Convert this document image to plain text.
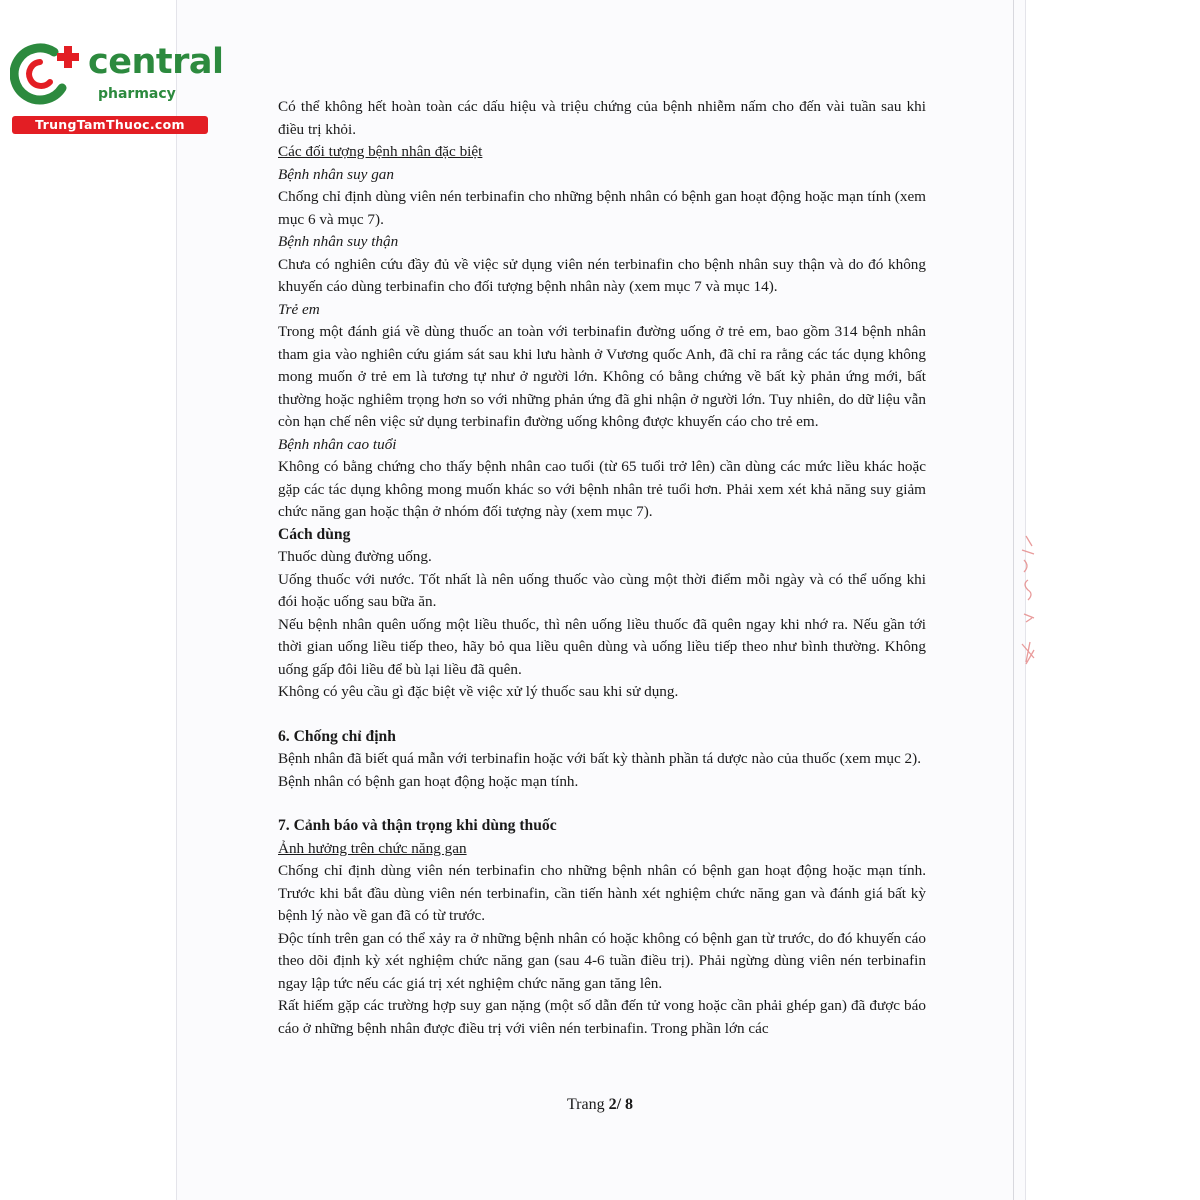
central
pharmacy
TrungTamThuoc.com

Có thể không hết hoàn toàn các dấu hiệu và triệu chứng của bệnh nhiễm nấm cho đến vài tuần sau khi điều trị khỏi.

Các đối tượng bệnh nhân đặc biệt

Bệnh nhân suy gan

Chống chỉ định dùng viên nén terbinafin cho những bệnh nhân có bệnh gan hoạt động hoặc mạn tính (xem mục 6 và mục 7).

Bệnh nhân suy thận

Chưa có nghiên cứu đầy đủ về việc sử dụng viên nén terbinafin cho bệnh nhân suy thận và do đó không khuyến cáo dùng terbinafin cho đối tượng bệnh nhân này (xem mục 7 và mục 14).

Trẻ em

Trong một đánh giá về dùng thuốc an toàn với terbinafin đường uống ở trẻ em, bao gồm 314 bệnh nhân tham gia vào nghiên cứu giám sát sau khi lưu hành ở Vương quốc Anh, đã chỉ ra rằng các tác dụng không mong muốn ở trẻ em là tương tự như ở người lớn. Không có bằng chứng về bất kỳ phản ứng mới, bất thường hoặc nghiêm trọng hơn so với những phản ứng đã ghi nhận ở người lớn. Tuy nhiên, do dữ liệu vẫn còn hạn chế nên việc sử dụng terbinafin đường uống không được khuyến cáo cho trẻ em.

Bệnh nhân cao tuổi

Không có bằng chứng cho thấy bệnh nhân cao tuổi (từ 65 tuổi trở lên) cần dùng các mức liều khác hoặc gặp các tác dụng không mong muốn khác so với bệnh nhân trẻ tuổi hơn. Phải xem xét khả năng suy giảm chức năng gan hoặc thận ở nhóm đối tượng này (xem mục 7).

Cách dùng

Thuốc dùng đường uống.

Uống thuốc với nước. Tốt nhất là nên uống thuốc vào cùng một thời điểm mỗi ngày và có thể uống khi đói hoặc uống sau bữa ăn.

Nếu bệnh nhân quên uống một liều thuốc, thì nên uống liều thuốc đã quên ngay khi nhớ ra. Nếu gần tới thời gian uống liều tiếp theo, hãy bỏ qua liều quên dùng và uống liều tiếp theo như bình thường. Không uống gấp đôi liều để bù lại liều đã quên.

Không có yêu cầu gì đặc biệt về việc xử lý thuốc sau khi sử dụng.

6. Chống chỉ định

Bệnh nhân đã biết quá mẫn với terbinafin hoặc với bất kỳ thành phần tá dược nào của thuốc (xem mục 2).

Bệnh nhân có bệnh gan hoạt động hoặc mạn tính.

7. Cảnh báo và thận trọng khi dùng thuốc

Ảnh hưởng trên chức năng gan

Chống chỉ định dùng viên nén terbinafin cho những bệnh nhân có bệnh gan hoạt động hoặc mạn tính. Trước khi bắt đầu dùng viên nén terbinafin, cần tiến hành xét nghiệm chức năng gan và đánh giá bất kỳ bệnh lý nào về gan đã có từ trước.

Độc tính trên gan có thể xảy ra ở những bệnh nhân có hoặc không có bệnh gan từ trước, do đó khuyến cáo theo dõi định kỳ xét nghiệm chức năng gan (sau 4-6 tuần điều trị). Phải ngừng dùng viên nén terbinafin ngay lập tức nếu các giá trị xét nghiệm chức năng gan tăng lên.

Rất hiếm gặp các trường hợp suy gan nặng (một số dẫn đến tử vong hoặc cần phải ghép gan) đã được báo cáo ở những bệnh nhân được điều trị với viên nén terbinafin. Trong phần lớn các

Trang 2/ 8
